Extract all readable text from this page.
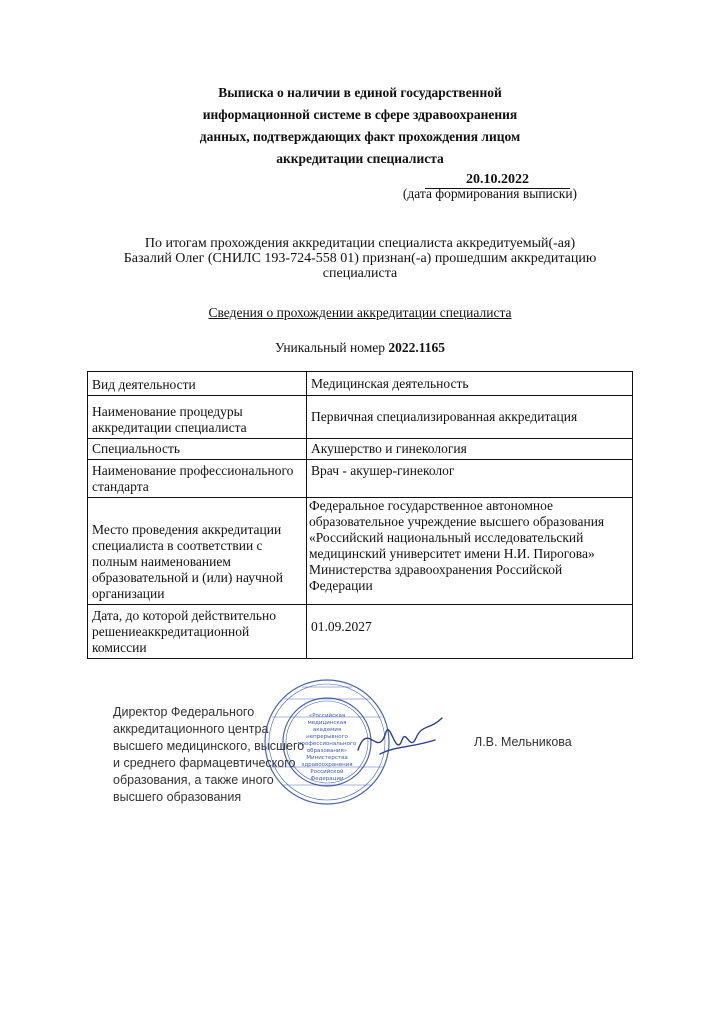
Выписка о наличии в единой государственной
информационной системе в сфере здравоохранения
данных, подтверждающих факт прохождения лицом
аккредитации специалиста
20.10.2022
(дата формирования выписки)
По итогам прохождения аккредитации специалиста аккредитуемый(-ая)
Базалий Олег (СНИЛС 193-724-558 01) признан(-а) прошедшим аккредитацию
специалиста
Сведения о прохождении аккредитации специалиста
Уникальный номер 2022.1165
Вид деятельности	Медицинская деятельность
Наименование процедуры аккредитации специалиста	Первичная специализированная аккредитация
Специальность	Акушерство и гинекология
Наименование профессионального стандарта	Врач - акушер-гинеколог
Место проведения аккредитации специалиста в соответствии с полным наименованием образовательной и (или) научной организации	Федеральное государственное автономное образовательное учреждение высшего образования «Российский национальный исследовательский медицинский университет имени Н.И. Пирогова» Министерства здравоохранения Российской Федерации
Дата, до которой действительно решениеаккредитационной комиссии	01.09.2027
Директор Федерального
аккредитационного центра
высшего медицинского, высшего
и среднего фармацевтического
образования, а также иного
высшего образования
«Российская
медицинская
академия
непрерывного
профессионального
образования»
Министерства
здравоохранения
Российской
Федерации
Л.В. Мельникова
